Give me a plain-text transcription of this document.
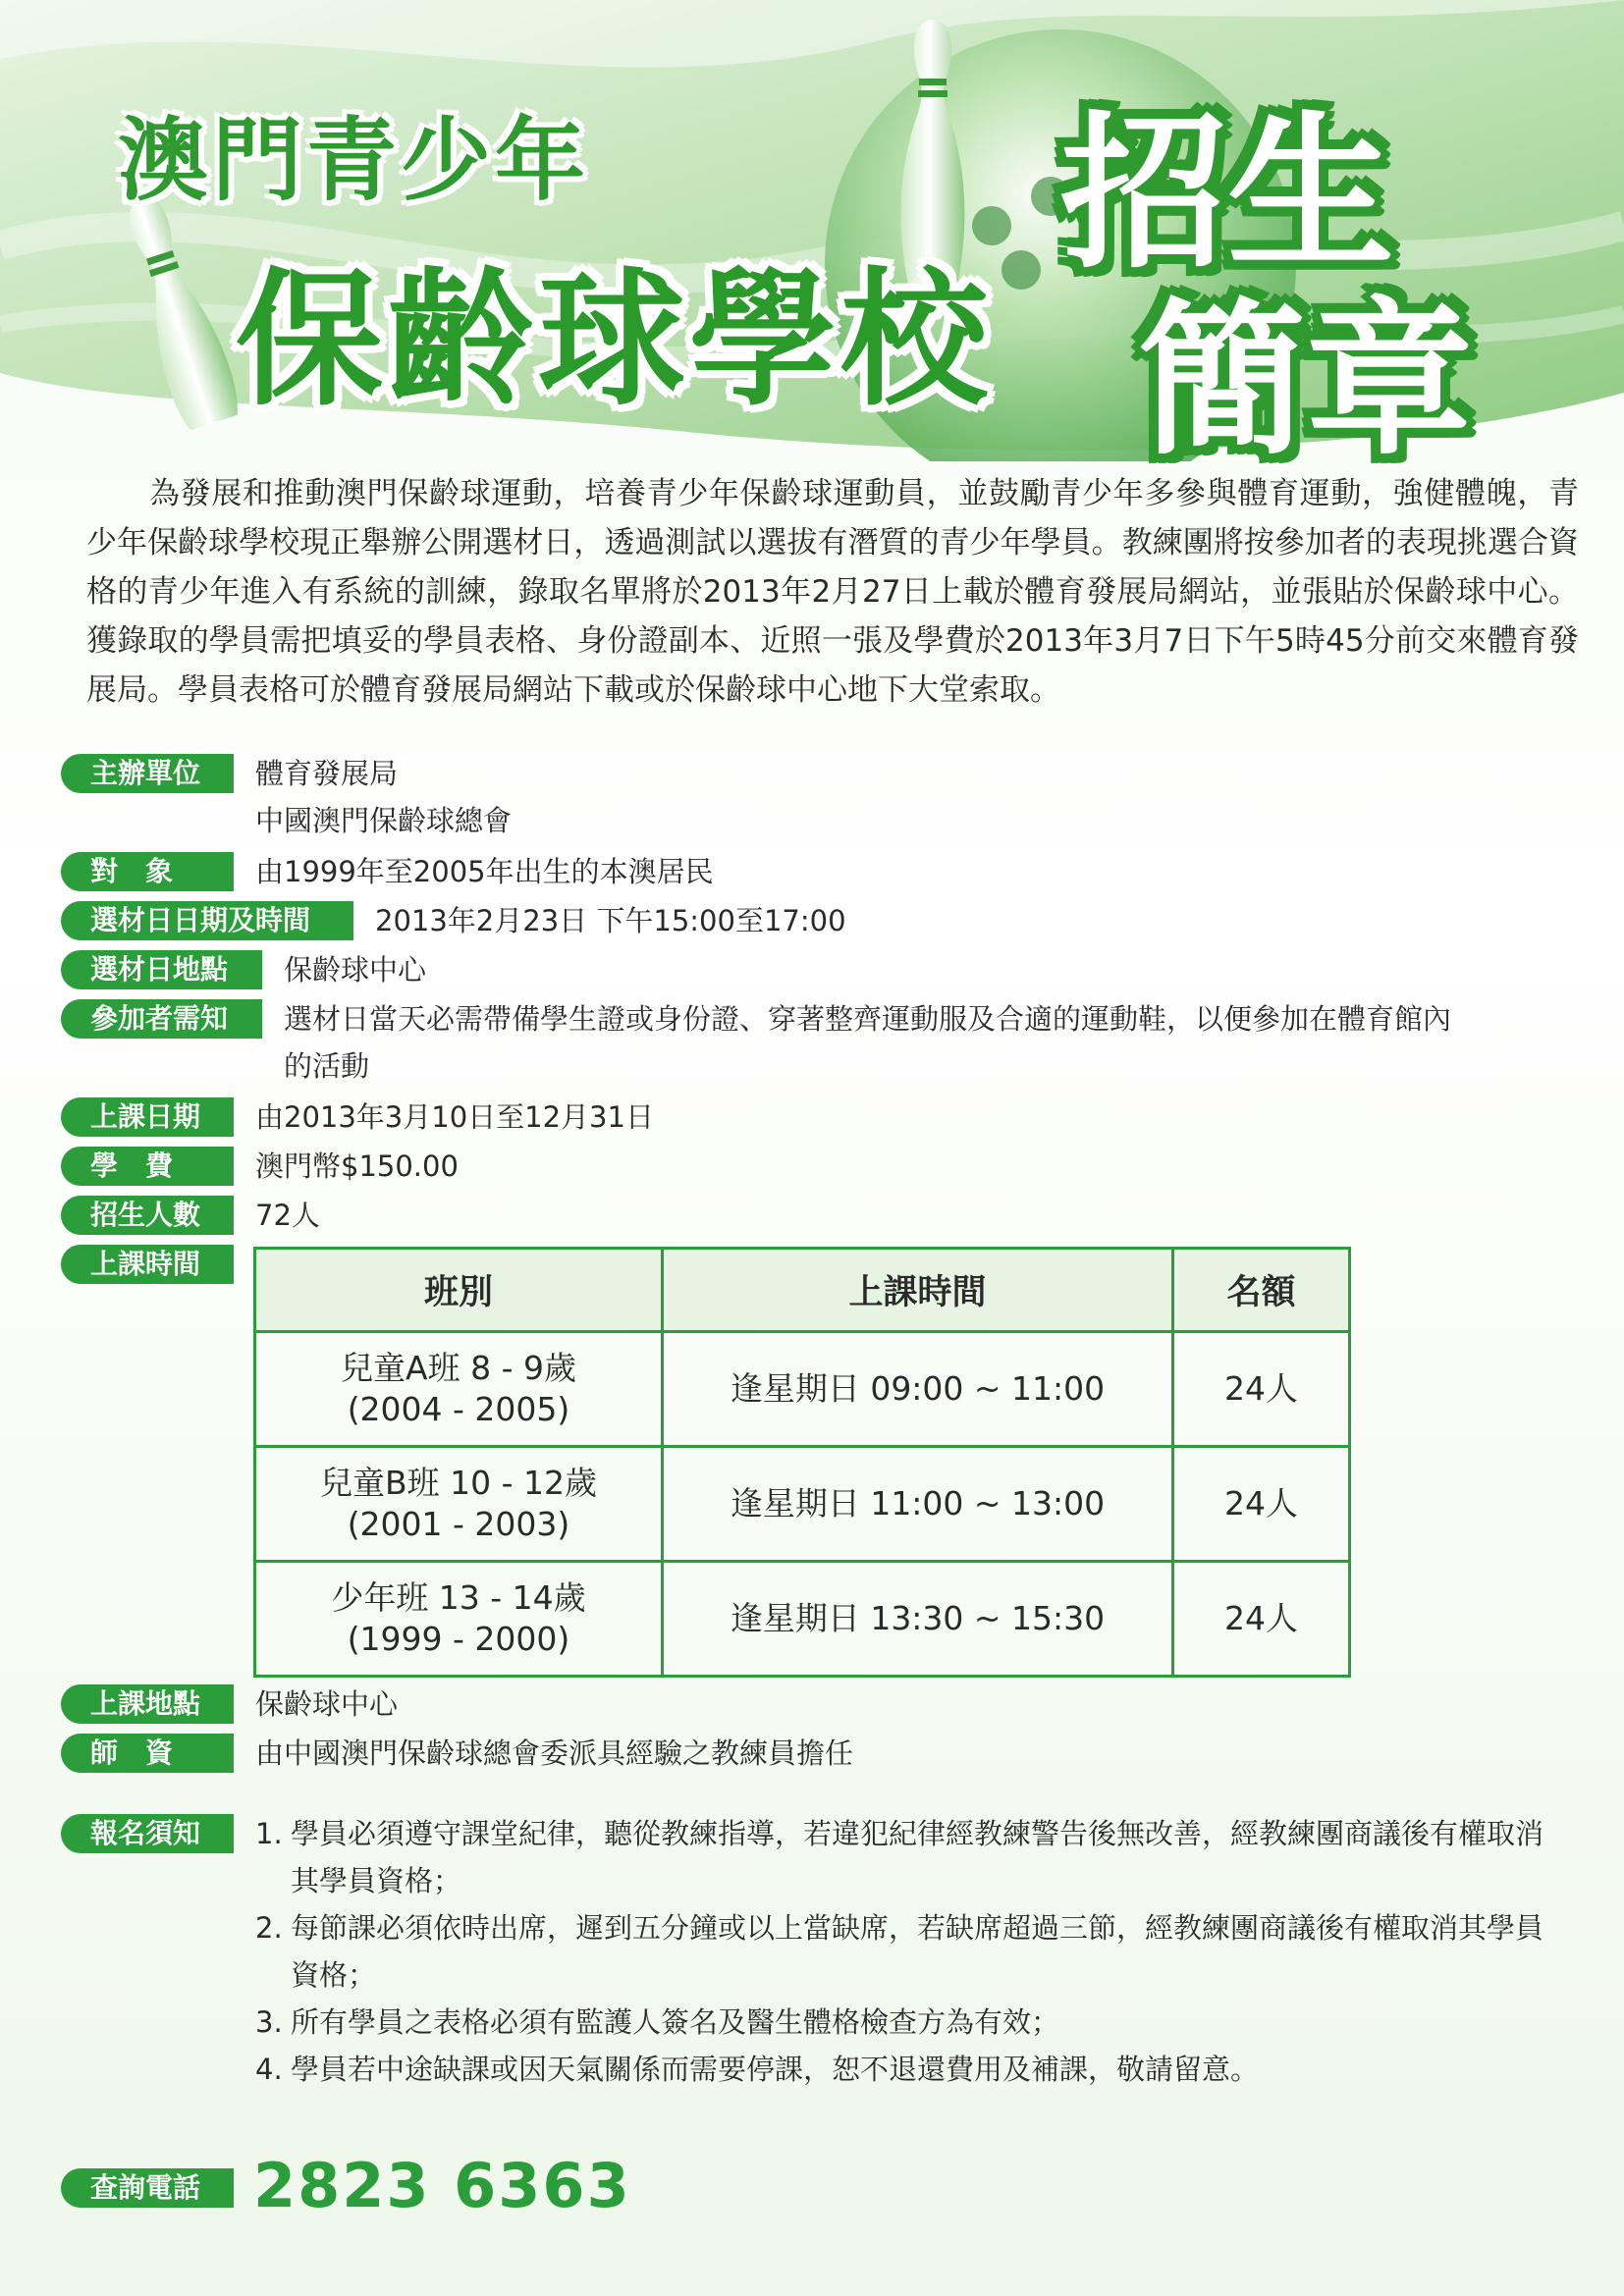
澳門青少年
保齡球學校
招生
簡章

為發展和推動澳門保齡球運動，培養青少年保齡球運動員，並鼓勵青少年多參與體育運動，強健體魄，青少年保齡球學校現正舉辦公開選材日，透過測試以選拔有潛質的青少年學員。教練團將按參加者的表現挑選合資格的青少年進入有系統的訓練，錄取名單將於2013年2月27日上載於體育發展局網站，並張貼於保齡球中心。獲錄取的學員需把填妥的學員表格、身份證副本、近照一張及學費於2013年3月7日下午5時45分前交來體育發展局。學員表格可於體育發展局網站下載或於保齡球中心地下大堂索取。

主辦單位	體育發展局
中國澳門保齡球總會
對　象	由1999年至2005年出生的本澳居民
選材日日期及時間	2013年2月23日 下午15:00至17:00
選材日地點	保齡球中心
參加者需知	選材日當天必需帶備學生證或身份證、穿著整齊運動服及合適的運動鞋，以便參加在體育館內
的活動
上課日期	由2013年3月10日至12月31日
學　費	澳門幣$150.00
招生人數	72人
上課時間
班別	上課時間	名額

兒童A班 8 - 9歲
(2004 - 2005)	逢星期日 09:00 ~ 11:00	24人

兒童B班 10 - 12歲
(2001 - 2003)	逢星期日 11:00 ~ 13:00	24人

少年班 13 - 14歲
(1999 - 2000)	逢星期日 13:30 ~ 15:30	24人
上課地點	保齡球中心
師　資	由中國澳門保齡球總會委派具經驗之教練員擔任
報名須知	1. 學員必須遵守課堂紀律，聽從教練指導，若違犯紀律經教練警告後無改善，經教練團商議後有權取消其學員資格；
2. 每節課必須依時出席，遲到五分鐘或以上當缺席，若缺席超過三節，經教練團商議後有權取消其學員資格；
3. 所有學員之表格必須有監護人簽名及醫生體格檢查方為有效；
4. 學員若中途缺課或因天氣關係而需要停課，恕不退還費用及補課，敬請留意。
查詢電話 2823 6363
